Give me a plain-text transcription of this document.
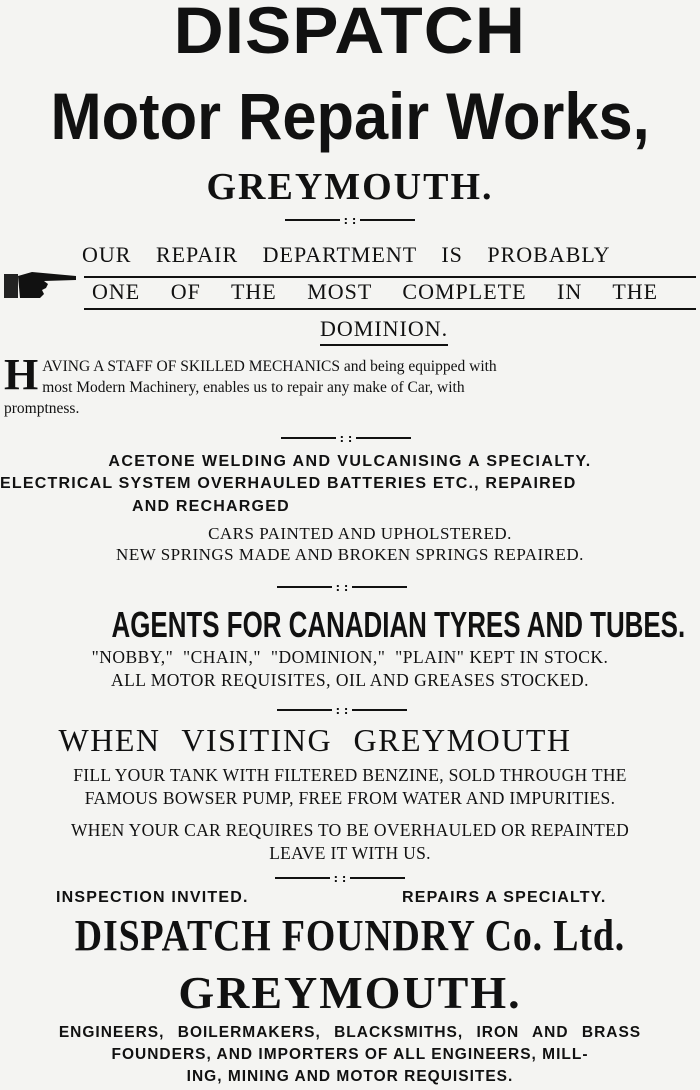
DISPATCH
Motor Repair Works,
GREYMOUTH.
: :
OUR REPAIR DEPARTMENT IS PROBABLY
ONE OF THE MOST COMPLETE IN THE
DOMINION.
H AVING A STAFF OF SKILLED MECHANICS and being equipped with
most Modern Machinery, enables us to repair any make of Car, with
promptness.
: :
ACETONE WELDING AND VULCANISING A SPECIALTY.
ELECTRICAL SYSTEM OVERHAULED BATTERIES ETC., REPAIRED
AND RECHARGED
CARS PAINTED AND UPHOLSTERED.
NEW SPRINGS MADE AND BROKEN SPRINGS REPAIRED.
: :
AGENTS FOR CANADIAN TYRES AND TUBES.
"NOBBY,"  "CHAIN,"  "DOMINION,"  "PLAIN" KEPT IN STOCK.
ALL MOTOR REQUISITES, OIL AND GREASES STOCKED.
: :
WHEN VISITING GREYMOUTH
FILL YOUR TANK WITH FILTERED BENZINE, SOLD THROUGH THE
FAMOUS BOWSER PUMP, FREE FROM WATER AND IMPURITIES.
WHEN YOUR CAR REQUIRES TO BE OVERHAULED OR REPAINTED
LEAVE IT WITH US.
: :
INSPECTION INVITED.	REPAIRS A SPECIALTY.
DISPATCH FOUNDRY Co. Ltd.
GREYMOUTH.
ENGINEERS, BOILERMAKERS, BLACKSMITHS, IRON AND BRASS
FOUNDERS, AND IMPORTERS OF ALL ENGINEERS, MILL-
ING, MINING AND MOTOR REQUISITES.
